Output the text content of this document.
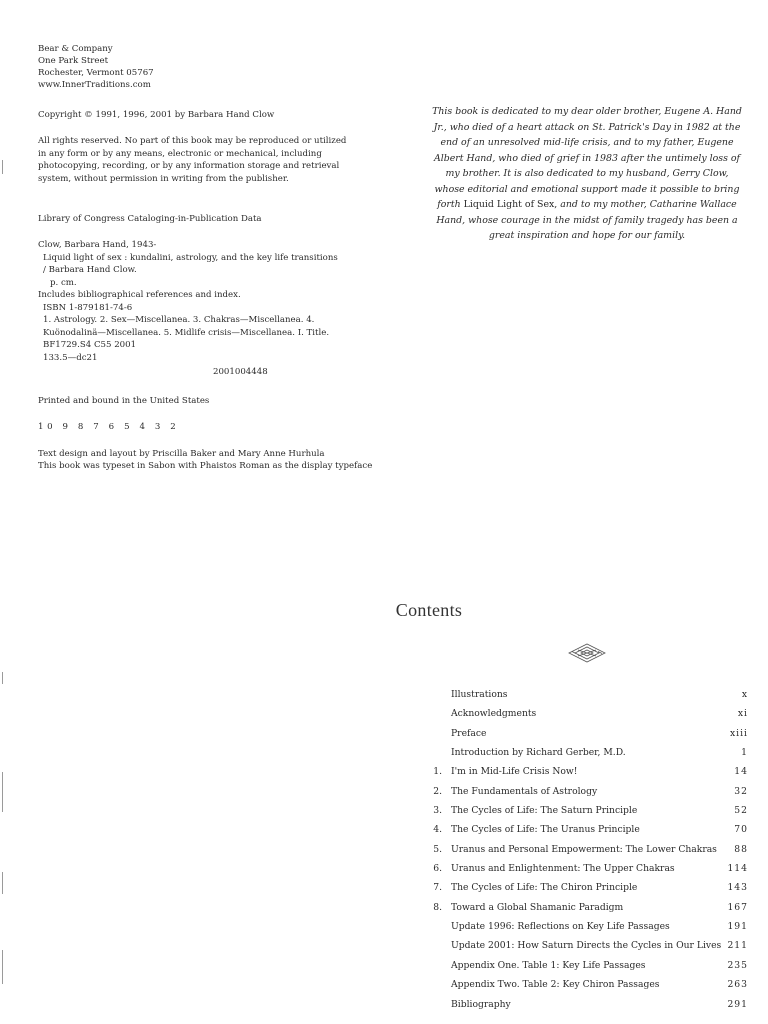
Bear & Company
One Park Street
Rochester, Vermont 05767
www.InnerTraditions.com
Copyright © 1991, 1996, 2001 by Barbara Hand Clow
All rights reserved. No part of this book may be reproduced or utilized in any form or by any means, electronic or mechanical, including photocopying, recording, or by any information storage and retrieval system, without permission in writing from the publisher.
Library of Congress Cataloging-in-Publication Data
Clow, Barbara Hand, 1943-
Liquid light of sex : kundalini, astrology, and the key life transitions / Barbara Hand Clow.
p. cm.
Includes bibliographical references and index.
ISBN 1-879181-74-6
1. Astrology. 2. Sex—Miscellanea. 3. Chakras—Miscellanea. 4. Kuönodalinä—Miscellanea. 5. Midlife crisis—Miscellanea. I. Title.
BF1729.S4 C55 2001
133.5—dc21
2001004448
Printed and bound in the United States
10 9 8 7 6 5 4 3 2
Text design and layout by Priscilla Baker and Mary Anne Hurhula
This book was typeset in Sabon with Phaistos Roman as the display typeface
This book is dedicated to my dear older brother, Eugene A. Hand Jr., who died of a heart attack on St. Patrick's Day in 1982 at the end of an unresolved mid-life crisis, and to my father, Eugene Albert Hand, who died of grief in 1983 after the untimely loss of my brother. It is also dedicated to my husband, Gerry Clow, whose editorial and emotional support made it possible to bring forth Liquid Light of Sex, and to my mother, Catharine Wallace Hand, whose courage in the midst of family tragedy has been a great inspiration and hope for our family.
Contents
Illustrations	x
Acknowledgments	xi
Preface	xiii
Introduction by Richard Gerber, M.D.	1
1. I'm in Mid-Life Crisis Now!	14
2. The Fundamentals of Astrology	32
3. The Cycles of Life: The Saturn Principle	52
4. The Cycles of Life: The Uranus Principle	70
5. Uranus and Personal Empowerment: The Lower Chakras 88
6. Uranus and Enlightenment: The Upper Chakras	114
7. The Cycles of Life: The Chiron Principle	143
8. Toward a Global Shamanic Paradigm	167
Update 1996: Reflections on Key Life Passages	191
Update 2001: How Saturn Directs the Cycles in Our Lives 211
Appendix One. Table 1: Key Life Passages	235
Appendix Two. Table 2: Key Chiron Passages	263
Bibliography	291
